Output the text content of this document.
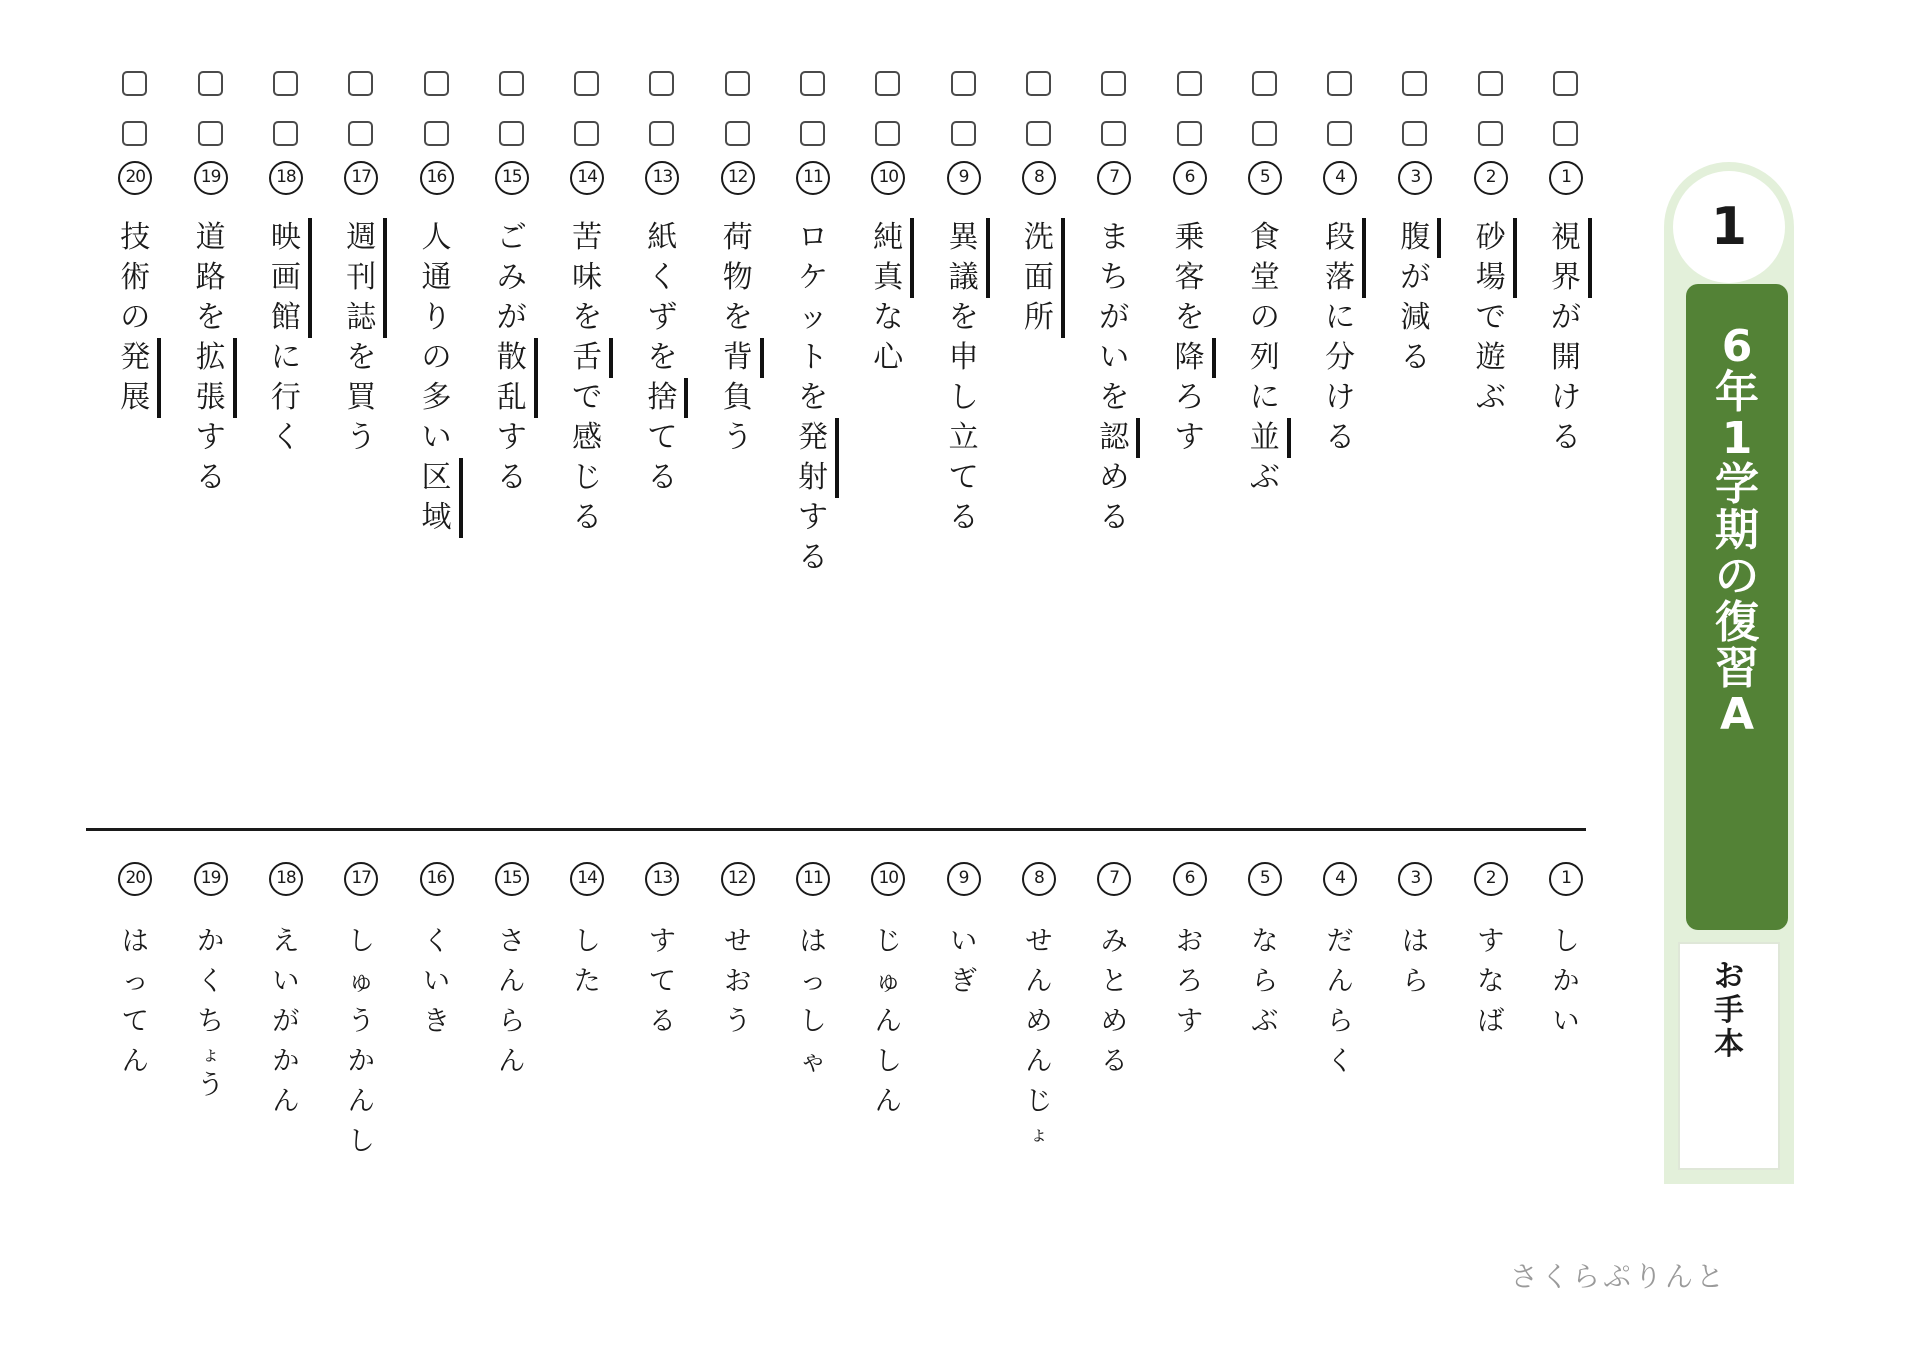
1
視
界
が
開
け
る
1
し
か
い
2
砂
場
で
遊
ぶ
2
す
な
ば
3
腹
が
減
る
3
は
ら
4
段
落
に
分
け
る
4
だ
ん
ら
く
5
食
堂
の
列
に
並
ぶ
5
な
ら
ぶ
6
乗
客
を
降
ろ
す
6
お
ろ
す
7
ま
ち
が
い
を
認
め
る
7
み
と
め
る
8
洗
面
所
8
せ
ん
め
ん
じ
ょ
9
異
議
を
申
し
立
て
る
9
い
ぎ
10
純
真
な
心
10
じ
ゅ
ん
し
ん
11
ロ
ケ
ッ
ト
を
発
射
す
る
11
は
っ
し
ゃ
12
荷
物
を
背
負
う
12
せ
お
う
13
紙
く
ず
を
捨
て
る
13
す
て
る
14
苦
味
を
舌
で
感
じ
る
14
し
た
15
ご
み
が
散
乱
す
る
15
さ
ん
ら
ん
16
人
通
り
の
多
い
区
域
16
く
い
き
17
週
刊
誌
を
買
う
17
し
ゅ
う
か
ん
し
18
映
画
館
に
行
く
18
え
い
が
か
ん
19
道
路
を
拡
張
す
る
19
か
く
ち
ょ
う
20
技
術
の
発
展
20
は
っ
て
ん
1
6
年
1
学
期
の
復
習
A
お
手
本
さくらぷりんと
